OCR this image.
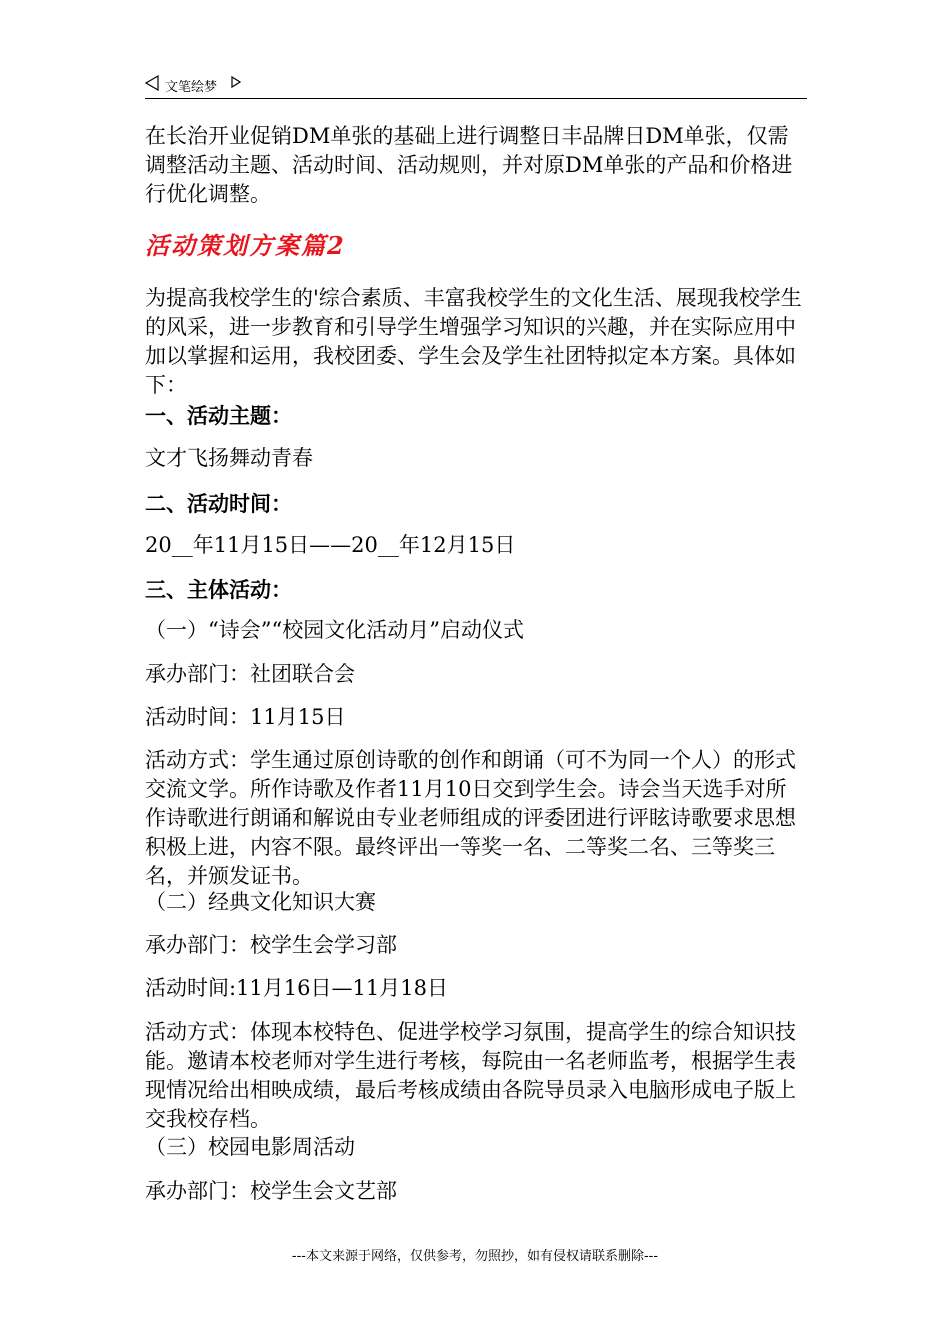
文笔绘梦

在长治开业促销DM单张的基础上进行调整日丰品牌日DM单张，仅需调整活动主题、活动时间、活动规则，并对原DM单张的产品和价格进行优化调整。

活动策划方案篇2

为提高我校学生的'综合素质、丰富我校学生的文化生活、展现我校学生的风采，进一步教育和引导学生增强学习知识的兴趣，并在实际应用中加以掌握和运用，我校团委、学生会及学生社团特拟定本方案。具体如下：

一、活动主题：

文才飞扬舞动青春

二、活动时间：

20__年11月15日——20__年12月15日

三、主体活动：

（一）“诗会”“校园文化活动月”启动仪式

承办部门：社团联合会

活动时间：11月15日

活动方式：学生通过原创诗歌的创作和朗诵（可不为同一个人）的形式交流文学。所作诗歌及作者11月10日交到学生会。诗会当天选手对所作诗歌进行朗诵和解说由专业老师组成的评委团进行评眩诗歌要求思想积极上进，内容不限。最终评出一等奖一名、二等奖二名、三等奖三名，并颁发证书。

（二）经典文化知识大赛

承办部门：校学生会学习部

活动时间:11月16日—11月18日

活动方式：体现本校特色、促进学校学习氛围，提高学生的综合知识技能。邀请本校老师对学生进行考核，每院由一名老师监考，根据学生表现情况给出相映成绩，最后考核成绩由各院导员录入电脑形成电子版上交我校存档。

（三）校园电影周活动

承办部门：校学生会文艺部

---本文来源于网络，仅供参考，勿照抄，如有侵权请联系删除---
